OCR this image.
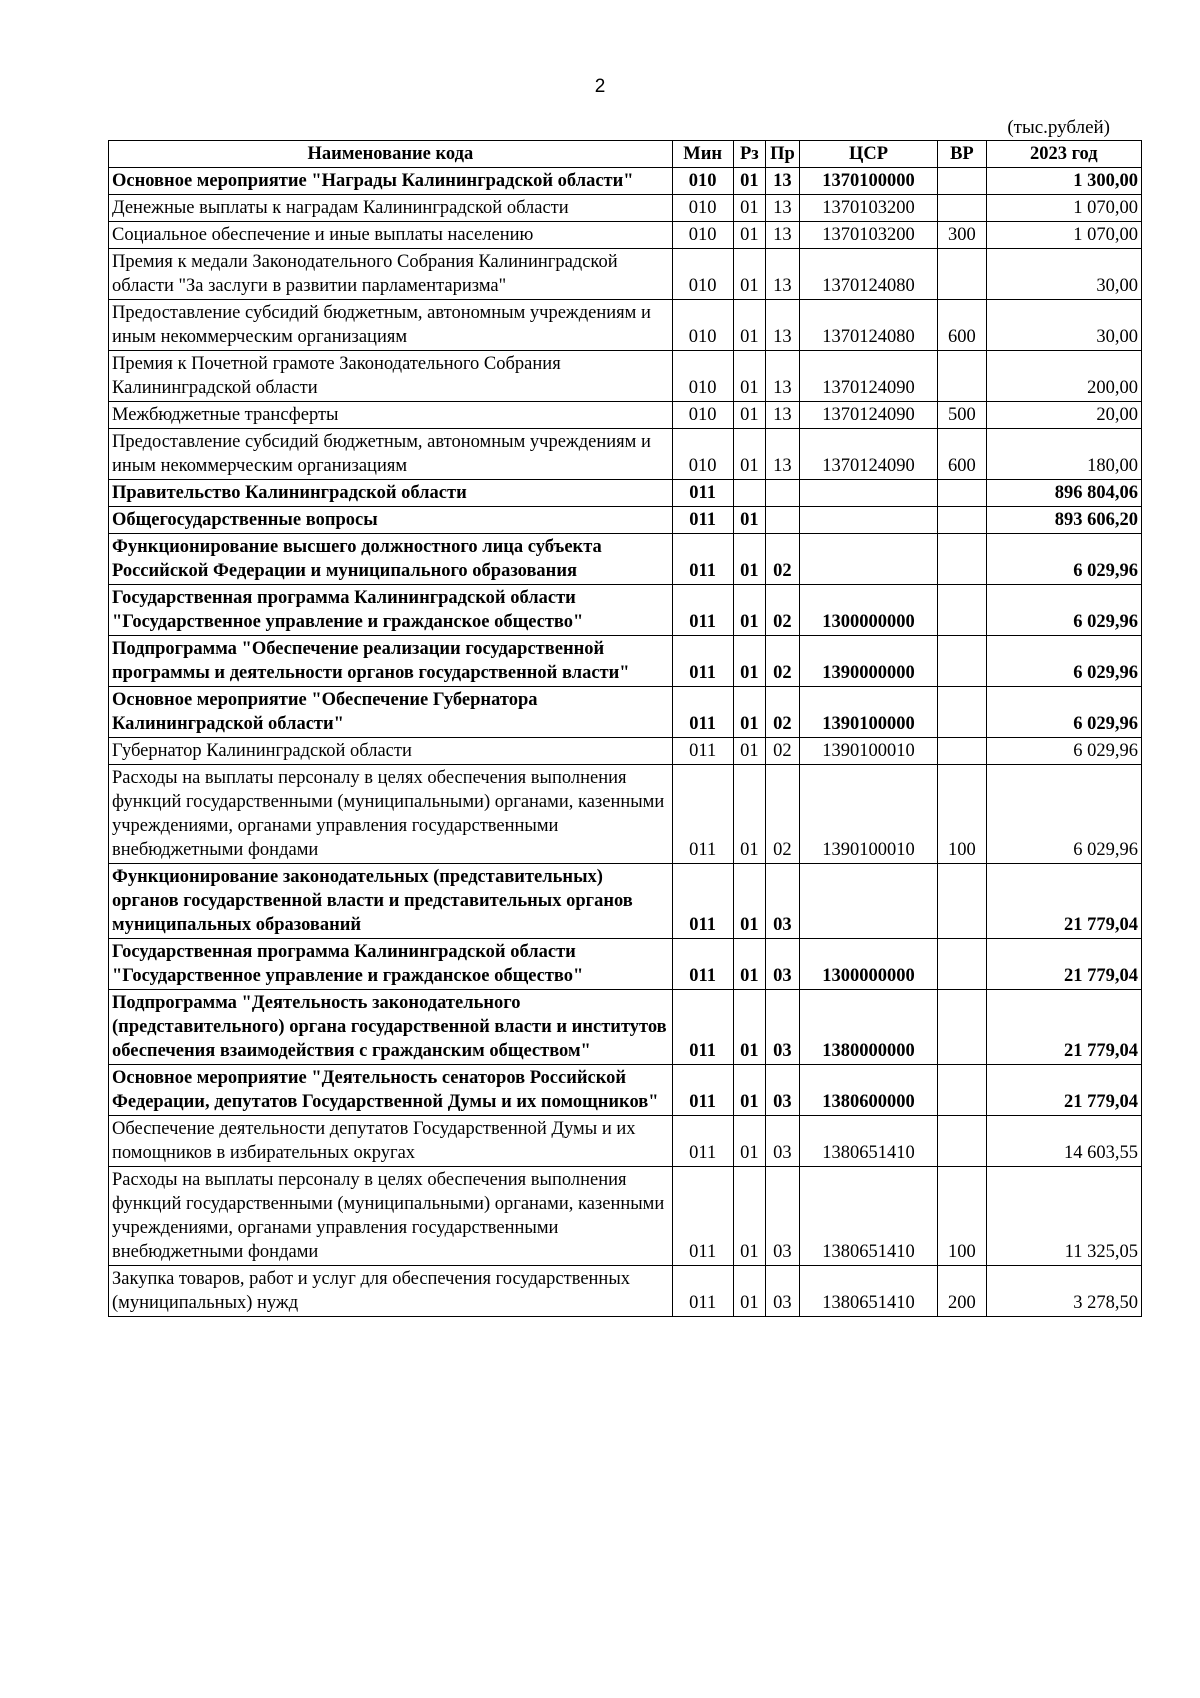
2
(тыс.рублей)
Наименование кода	Мин	Рз	Пр	ЦСР	ВР	2023 год
Основное мероприятие "Награды Калининградской области"	010	01	13	1370100000		1 300,00
Денежные выплаты к наградам Калининградской области	010	01	13	1370103200		1 070,00
Социальное обеспечение и иные выплаты населению	010	01	13	1370103200	300	1 070,00
Премия к медали Законодательного Собрания Калининградской области "За заслуги в развитии парламентаризма"	010	01	13	1370124080		30,00
Предоставление субсидий бюджетным, автономным учреждениям и иным некоммерческим организациям	010	01	13	1370124080	600	30,00
Премия к Почетной грамоте Законодательного Собрания Калининградской области	010	01	13	1370124090		200,00
Межбюджетные трансферты	010	01	13	1370124090	500	20,00
Предоставление субсидий бюджетным, автономным учреждениям и иным некоммерческим организациям	010	01	13	1370124090	600	180,00
Правительство Калининградской области	011					896 804,06
Общегосударственные вопросы	011	01				893 606,20
Функционирование высшего должностного лица субъекта Российской Федерации и муниципального образования	011	01	02			6 029,96
Государственная программа Калининградской области "Государственное управление и гражданское общество"	011	01	02	1300000000		6 029,96
Подпрограмма "Обеспечение реализации государственной программы и деятельности органов государственной власти"	011	01	02	1390000000		6 029,96
Основное мероприятие "Обеспечение Губернатора Калининградской области"	011	01	02	1390100000		6 029,96
Губернатор Калининградской области	011	01	02	1390100010		6 029,96
Расходы на выплаты персоналу в целях обеспечения выполнения функций государственными (муниципальными) органами, казенными учреждениями, органами управления государственными внебюджетными фондами	011	01	02	1390100010	100	6 029,96
Функционирование законодательных (представительных) органов государственной власти и представительных органов муниципальных образований	011	01	03			21 779,04
Государственная программа Калининградской области "Государственное управление и гражданское общество"	011	01	03	1300000000		21 779,04
Подпрограмма "Деятельность законодательного (представительного) органа государственной власти и институтов обеспечения взаимодействия с гражданским обществом"	011	01	03	1380000000		21 779,04
Основное мероприятие "Деятельность сенаторов Российской Федерации, депутатов Государственной Думы и их помощников"	011	01	03	1380600000		21 779,04
Обеспечение деятельности депутатов Государственной Думы и их помощников в избирательных округах	011	01	03	1380651410		14 603,55
Расходы на выплаты персоналу в целях обеспечения выполнения функций государственными (муниципальными) органами, казенными учреждениями, органами управления государственными внебюджетными фондами	011	01	03	1380651410	100	11 325,05
Закупка товаров, работ и услуг для обеспечения государственных (муниципальных) нужд	011	01	03	1380651410	200	3 278,50
